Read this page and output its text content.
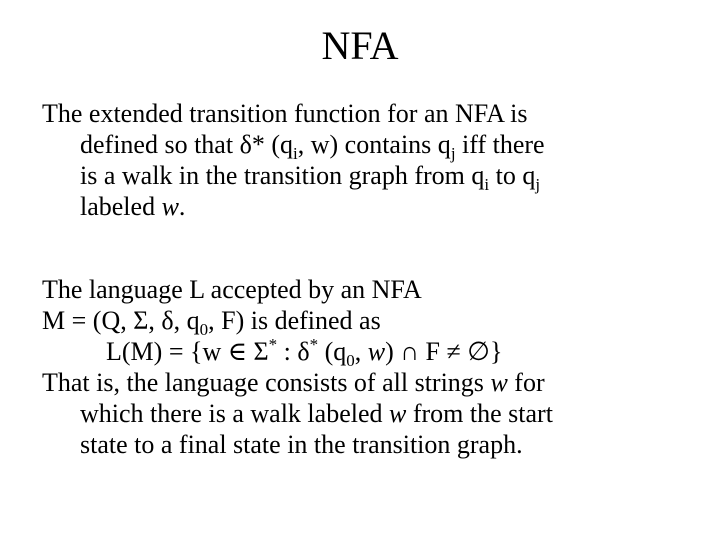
NFA
The extended transition function for an NFA is
defined so that δ* ($q_i$, w) contains $q_j$ iff there
is a walk in the transition graph from $q_i$ to $q_j$
labeled w.
The language L accepted by an NFA
M = (Q, Σ, δ, $q_0$, F) is defined as
L(M) = {w ∈ Σ* : δ* ($q_0$, w) ∩ F ≠ ∅}
That is, the language consists of all strings w for
which there is a walk labeled w from the start
state to a final state in the transition graph.
